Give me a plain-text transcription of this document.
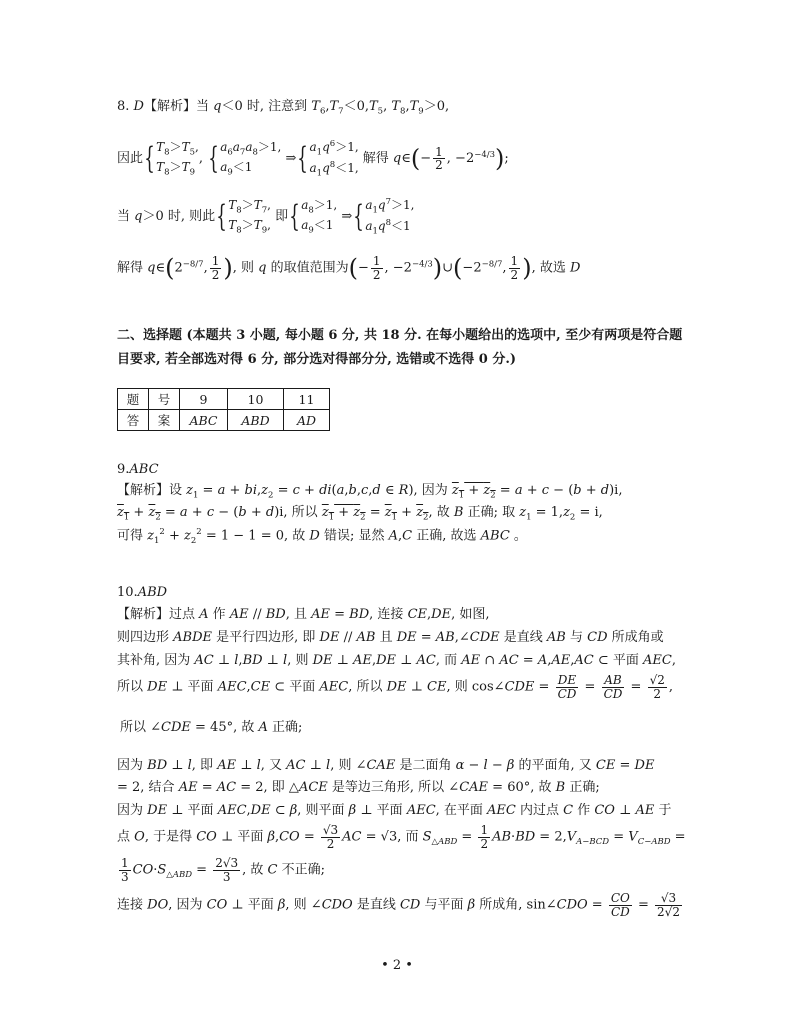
8. D【解析】当 q＜0 时, 注意到 $T_6,T_7<0,T_5$, $T_8,T_9>0$,
因此{$T_8>T_5$,
$T_8>T_9$, {$a_6a_7a_8>1$,
$a_9<1$ $\Rightarrow\{a_1q^6>1$,
$a_1q^8<1$, 解得 q∈(− $\frac{1}{2}$ , $-2^{-4/3}$);
当 q＞0 时, 则此{$T_8>T_7$,
$T_8>T_9$, 即{$a_8>1$,
$a_9<1$ $\Rightarrow\{a_1q^7>1$,
$a_1q^8<1$
解得 $q\in(2^{-8/7}$, $\frac{1}{2}$ ), 则 q 的取值范围为(− $\frac{1}{2}$ , $-2^{-4/3})\cup(-2^{-8/7}$, $\frac{1}{2}$ ), 故选 D
二、选择题 (本题共 3 小题, 每小题 6 分, 共 18 分. 在每小题给出的选项中, 至少有两项是符合题
目要求, 若全部选对得 6 分, 部分选对得部分分, 选错或不选得 0 分.)
题	号	9	10	11
答	案	ABC	ABD	AD
9.ABC
【解析】设 $z_1 = a + bi,z_2 = c + di(a,b,c,d$ ∈ R), 因为 $z_1 + z_2 = a + c - (b + d)i$,
$z_1 + z_2 = a + c - (b + d)i$, 所以 $z_1 + z_2 = z_1 + z_2$, 故 B 正确; 取 $z_1 = 1,z_2 = i$,
可得 $z_1^2 + z_2^2 = 1 - 1 = 0$, 故 D 错误; 显然 A,C 正确, 故选 ABC 。
10.ABD
【解析】过点 A 作 AE // BD, 且 AE = BD, 连接 CE,DE, 如图,
则四边形 ABDE 是平行四边形, 即 DE // AB 且 DE = AB,∠CDE 是直线 AB 与 CD 所成角或
其补角, 因为 AC ⊥ l,BD ⊥ l, 则 DE ⊥ AE,DE ⊥ AC, 而 AE ∩ AC = A,AE,AC ⊂ 平面 AEC,
所以 DE ⊥ 平面 AEC,CE ⊂ 平面 AEC, 所以 DE ⊥ CE, 则 cos∠CDE = $\frac{DE}{CD} = \frac{AB}{CD} = \frac{√2}{2}$ ,
所以 ∠CDE = 45°, 故 A 正确;
因为 BD ⊥ l, 即 AE ⊥ l, 又 AC ⊥ l, 则 ∠CAE 是二面角 α − l − β 的平面角, 又 CE = DE
= 2, 结合 AE = AC = 2, 即 △ACE 是等边三角形, 所以 ∠CAE = 60°, 故 B 正确;
因为 DE ⊥ 平面 AEC,DE ⊂ β, 则平面 β ⊥ 平面 AEC, 在平面 AEC 内过点 C 作 CO ⊥ AE 于
点 O, 于是得 CO ⊥ 平面 $\beta,CO = \frac{√3}{2}$ AC = √3, 而 $S_{\triangle ABD} = \frac{1}{2} AB\cdot BD = 2,V_{A-BCD} = V_{C-ABD}$ =
$\frac{1}{3} CO\cdot S_{\triangle ABD} = \frac{2√3}{3}$ , 故 C 不正确;
连接 DO, 因为 CO ⊥ 平面 β, 则 ∠CDO 是直线 CD 与平面 β 所成角, sin∠CDO = $\frac{CO}{CD} = \frac{√3}{2√2}$
• 2 •
